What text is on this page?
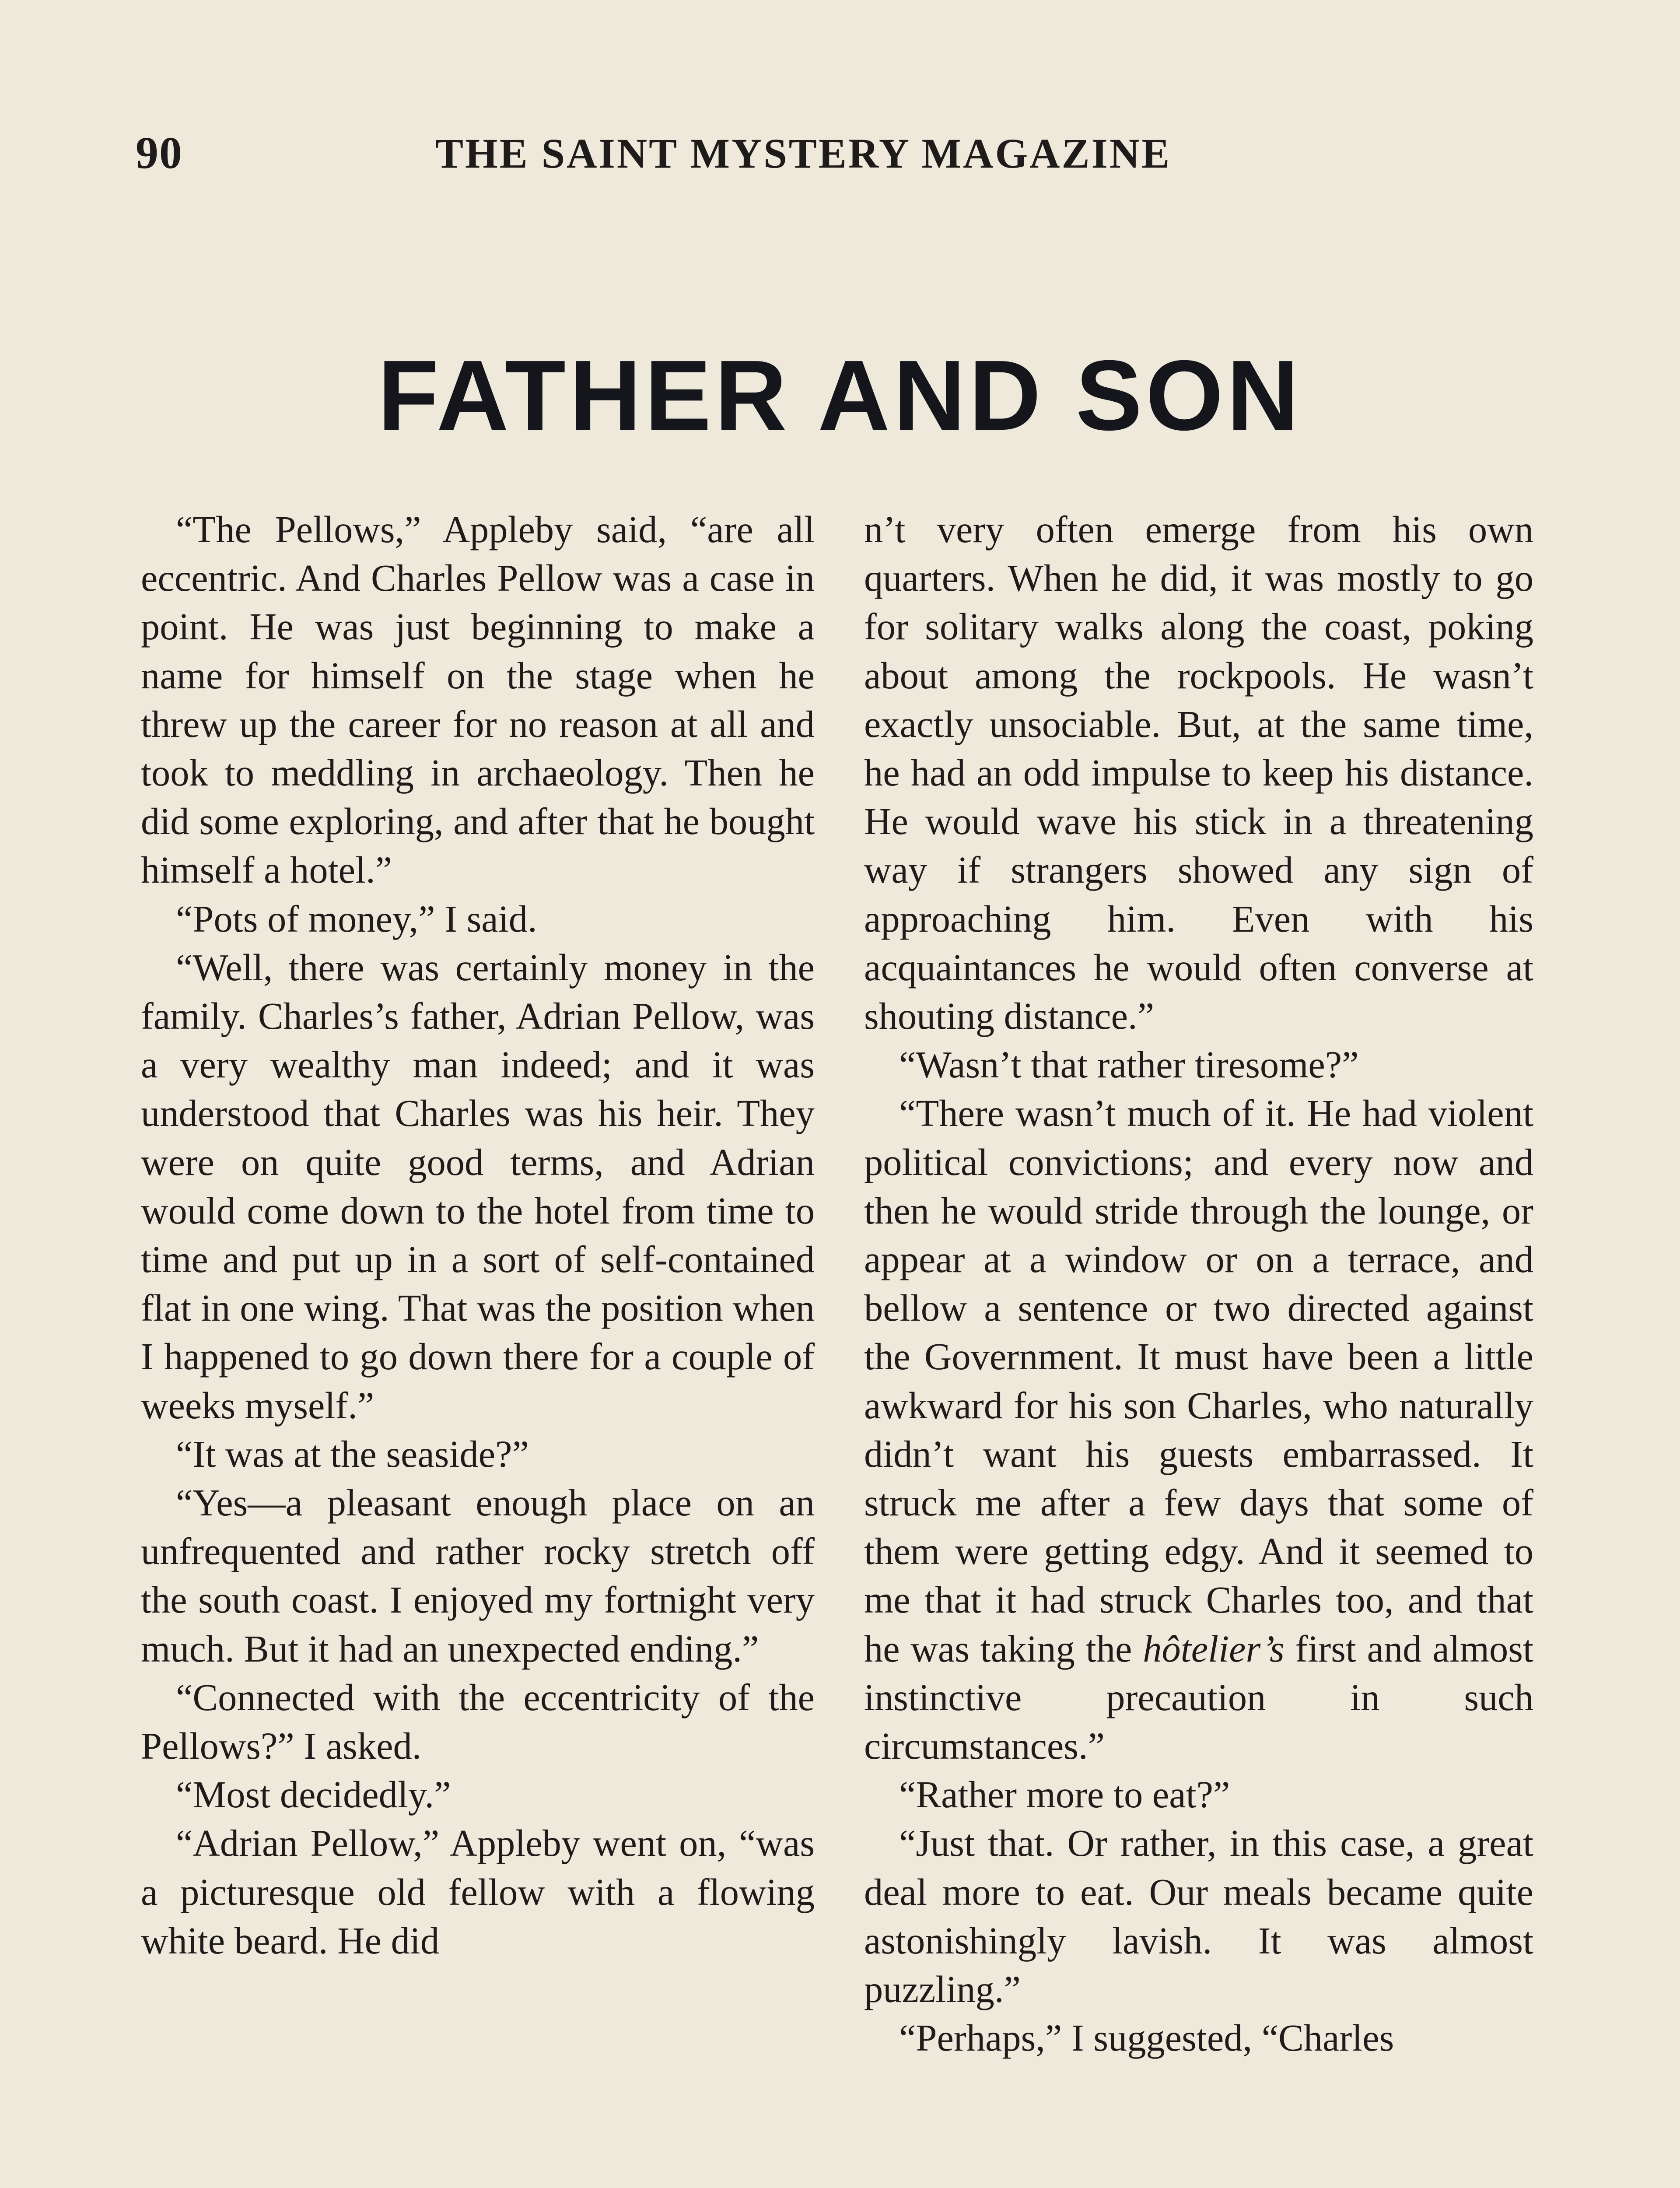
90	THE SAINT MYSTERY MAGAZINE
FATHER AND SON

“The Pellows,” Appleby said, “are all eccentric. And Charles Pellow was a case in point. He was just beginning to make a name for himself on the stage when he threw up the career for no reason at all and took to meddling in archaeology. Then he did some exploring, and after that he bought himself a hotel.”

“Pots of money,” I said.

“Well, there was certainly money in the family. Charles’s father, Adrian Pellow, was a very wealthy man indeed; and it was understood that Charles was his heir. They were on quite good terms, and Adrian would come down to the hotel from time to time and put up in a sort of self-contained flat in one wing. That was the position when I happened to go down there for a couple of weeks myself.”

“It was at the seaside?”

“Yes—a pleasant enough place on an unfrequented and rather rocky stretch off the south coast. I enjoyed my fortnight very much. But it had an unexpected ending.”

“Connected with the eccentricity of the Pellows?” I asked.

“Most decidedly.”

“Adrian Pellow,” Appleby went on, “was a picturesque old fellow with a flowing white beard. He did

n’t very often emerge from his own quarters. When he did, it was mostly to go for solitary walks along the coast, poking about among the rockpools. He wasn’t exactly unsociable. But, at the same time, he had an odd impulse to keep his distance. He would wave his stick in a threatening way if strangers showed any sign of approaching him. Even with his acquaintances he would often converse at shouting distance.”

“Wasn’t that rather tiresome?”

“There wasn’t much of it. He had violent political convictions; and every now and then he would stride through the lounge, or appear at a window or on a terrace, and bellow a sentence or two directed against the Government. It must have been a little awkward for his son Charles, who naturally didn’t want his guests embarrassed. It struck me after a few days that some of them were getting edgy. And it seemed to me that it had struck Charles too, and that he was taking the hôtelier’s first and almost instinctive precaution in such circumstances.”

“Rather more to eat?”

“Just that. Or rather, in this case, a great deal more to eat. Our meals became quite astonishingly lavish. It was almost puzzling.”

“Perhaps,” I suggested, “Charles
